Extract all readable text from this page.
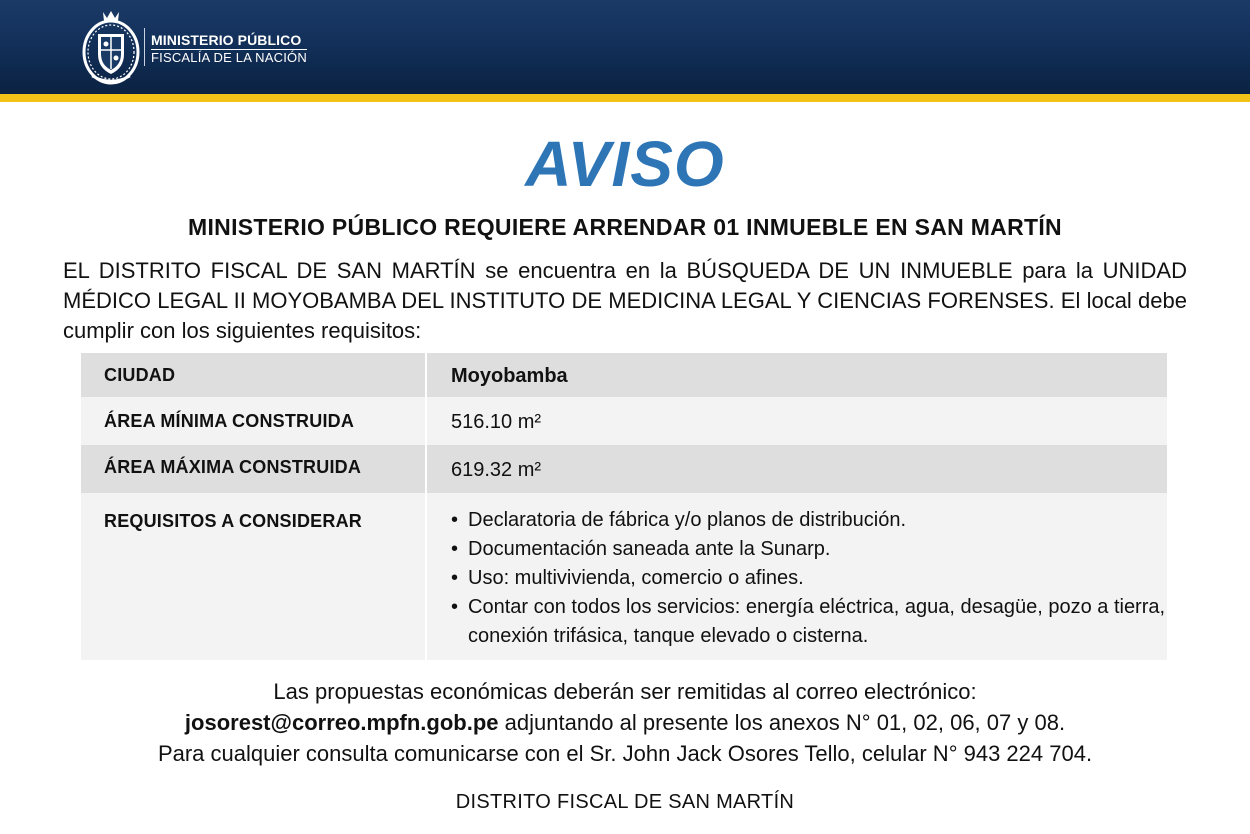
MINISTERIO PÚBLICO
FISCALÍA DE LA NACIÓN
AVISO
MINISTERIO PÚBLICO REQUIERE ARRENDAR 01 INMUEBLE EN SAN MARTÍN
EL DISTRITO FISCAL DE SAN MARTÍN se encuentra en la BÚSQUEDA DE UN INMUEBLE para la UNIDAD MÉDICO LEGAL II MOYOBAMBA DEL INSTITUTO DE MEDICINA LEGAL Y CIENCIAS FORENSES. El local debe cumplir con los siguientes requisitos:
CIUDAD	Moyobamba
ÁREA MÍNIMA CONSTRUIDA	516.10 m²
ÁREA MÁXIMA CONSTRUIDA	619.32 m²
REQUISITOS A CONSIDERAR	• Declaratoria de fábrica y/o planos de distribución.
• Documentación saneada ante la Sunarp.
• Uso: multivivienda, comercio o afines.
• Contar con todos los servicios: energía eléctrica, agua, desagüe, pozo a tierra, conexión trifásica, tanque elevado o cisterna.
Las propuestas económicas deberán ser remitidas al correo electrónico:
josorest@correo.mpfn.gob.pe adjuntando al presente los anexos N° 01, 02, 06, 07 y 08.
Para cualquier consulta comunicarse con el Sr. John Jack Osores Tello, celular N° 943 224 704.
DISTRITO FISCAL DE SAN MARTÍN
